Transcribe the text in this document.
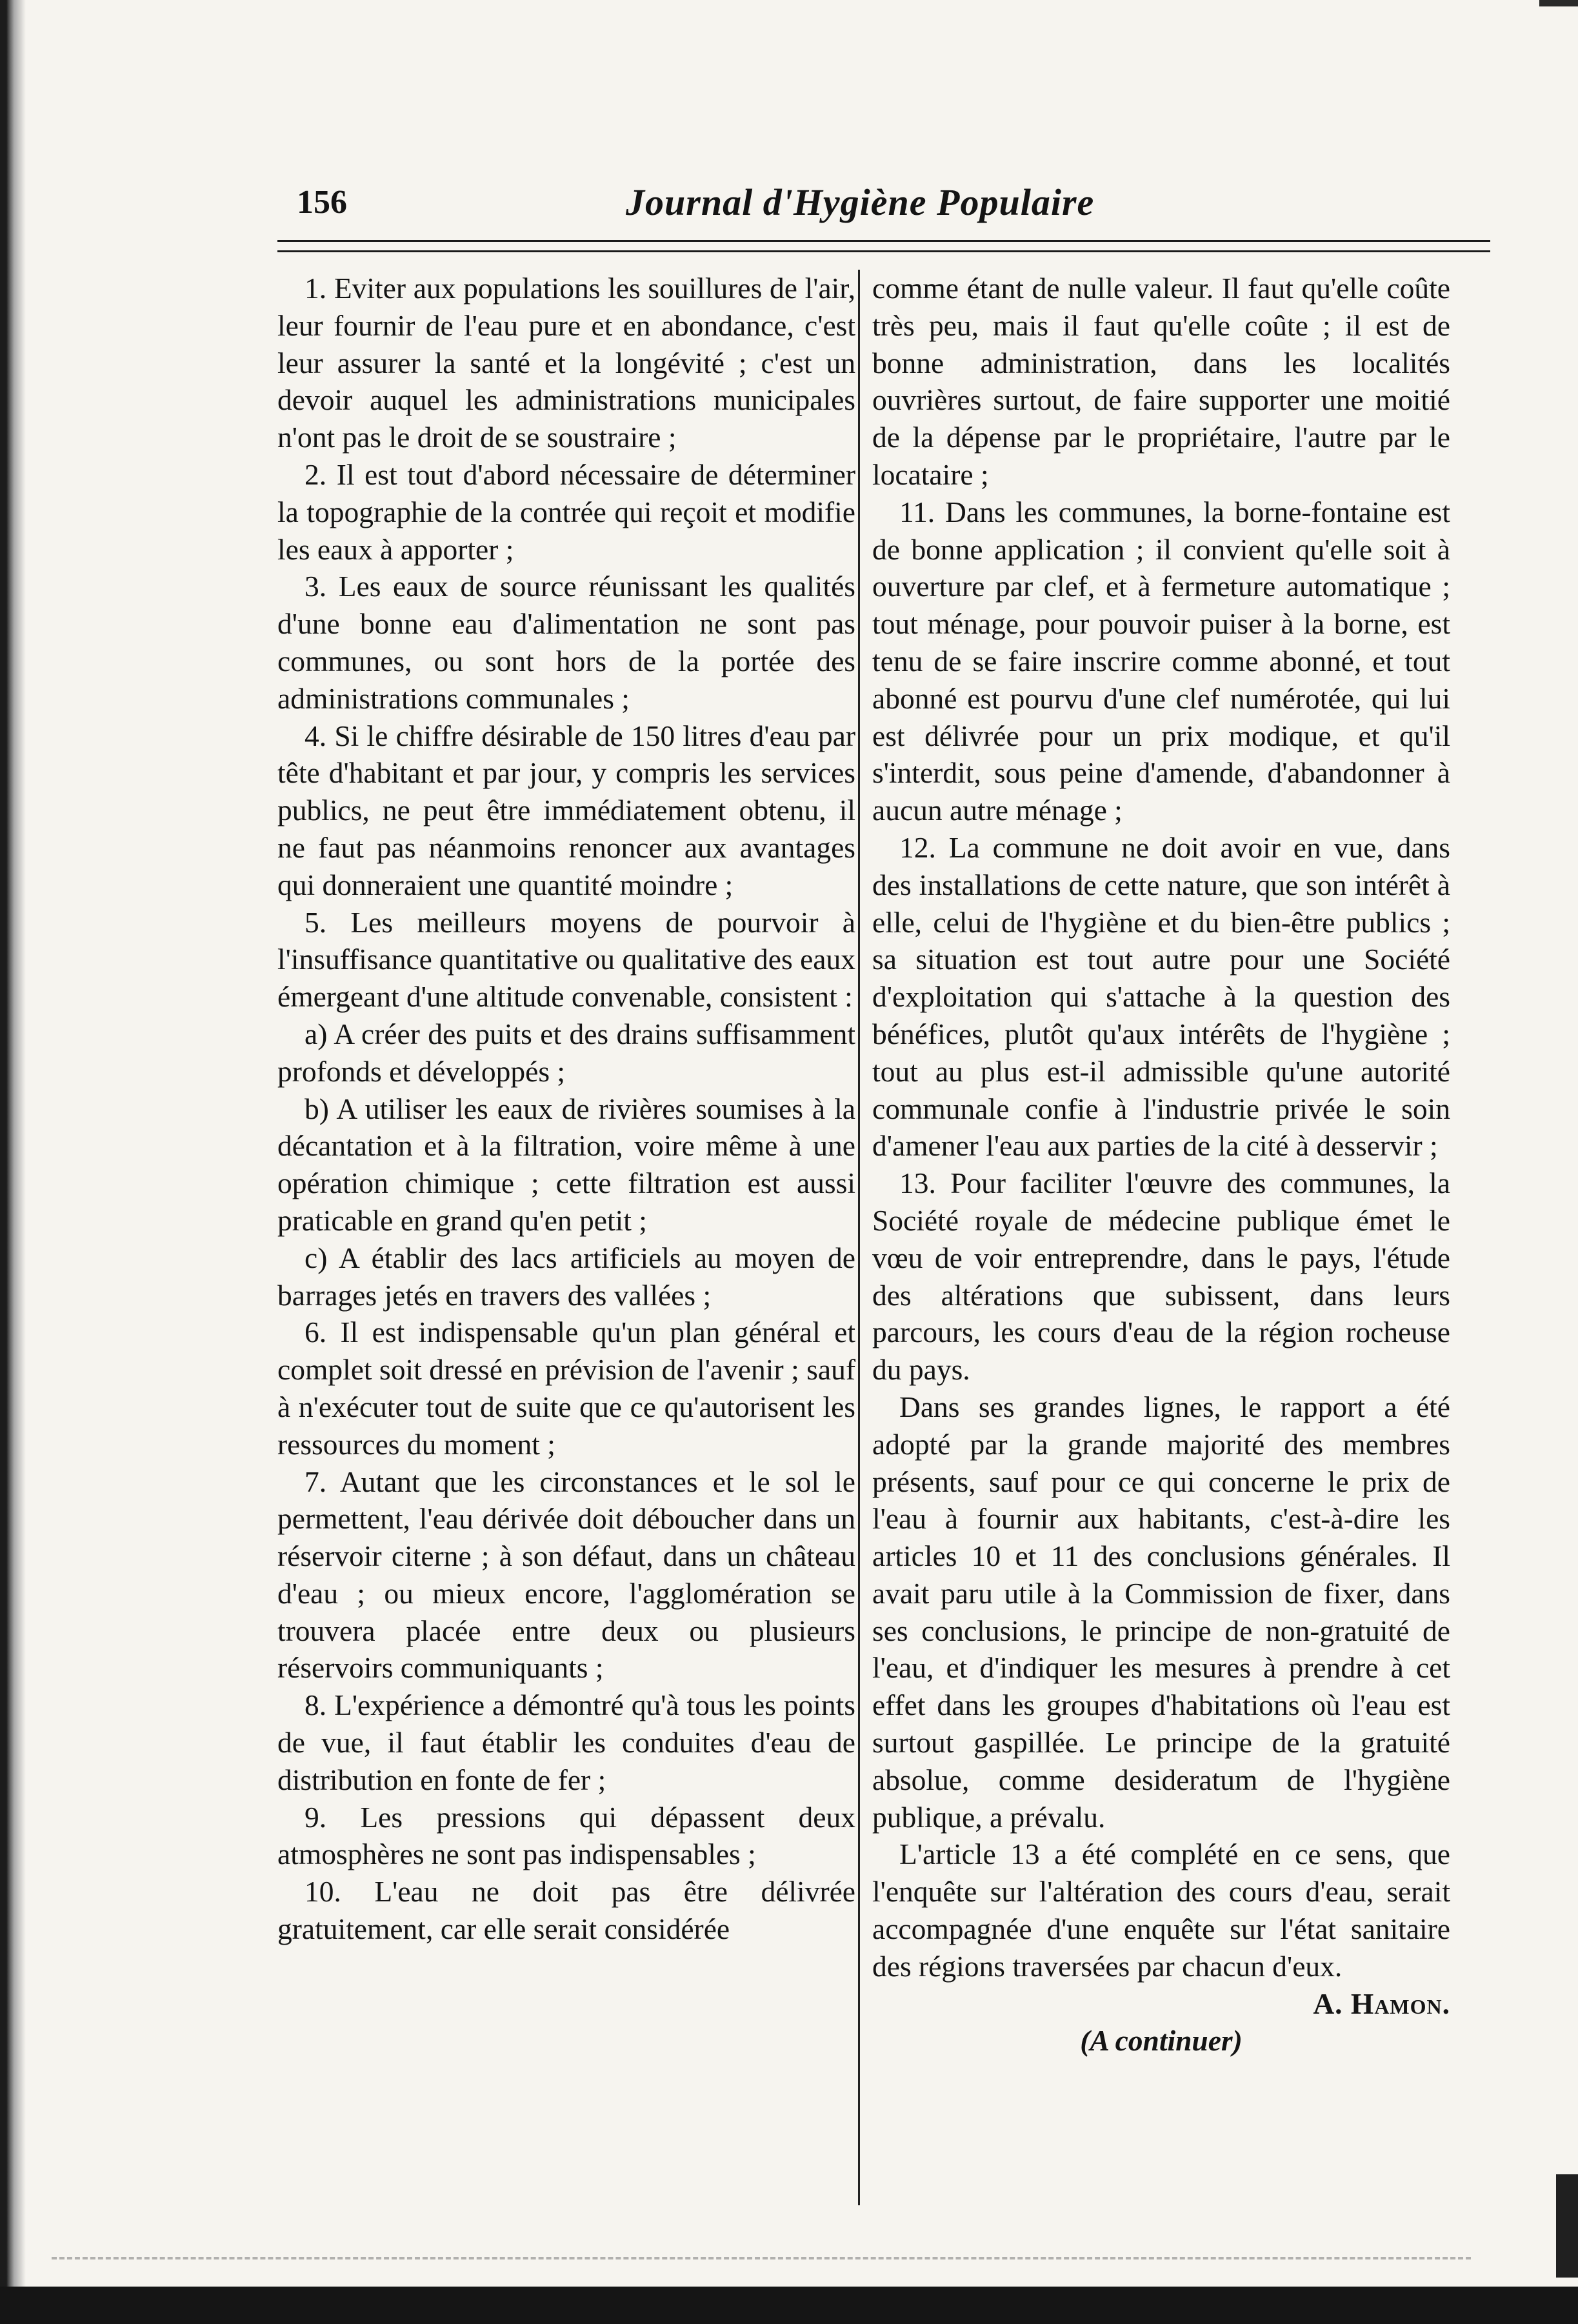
156	Journal d'Hygiène Populaire

1. Eviter aux populations les souillures de l'air, leur fournir de l'eau pure et en abondance, c'est leur assurer la santé et la longévité ; c'est un devoir auquel les administrations municipales n'ont pas le droit de se soustraire ;

2. Il est tout d'abord nécessaire de déterminer la topographie de la contrée qui reçoit et modifie les eaux à apporter ;

3. Les eaux de source réunissant les qualités d'une bonne eau d'alimentation ne sont pas communes, ou sont hors de la portée des administrations communales ;

4. Si le chiffre désirable de 150 litres d'eau par tête d'habitant et par jour, y compris les services publics, ne peut être immédiatement obtenu, il ne faut pas néanmoins renoncer aux avantages qui donneraient une quantité moindre ;

5. Les meilleurs moyens de pourvoir à l'insuffisance quantitative ou qualitative des eaux émergeant d'une altitude convenable, consistent :

a) A créer des puits et des drains suffisamment profonds et développés ;

b) A utiliser les eaux de rivières soumises à la décantation et à la filtration, voire même à une opération chimique ; cette filtration est aussi praticable en grand qu'en petit ;

c) A établir des lacs artificiels au moyen de barrages jetés en travers des vallées ;

6. Il est indispensable qu'un plan général et complet soit dressé en prévision de l'avenir ; sauf à n'exécuter tout de suite que ce qu'autorisent les ressources du moment ;

7. Autant que les circonstances et le sol le permettent, l'eau dérivée doit déboucher dans un réservoir citerne ; à son défaut, dans un château d'eau ; ou mieux encore, l'agglomération se trouvera placée entre deux ou plusieurs réservoirs communiquants ;

8. L'expérience a démontré qu'à tous les points de vue, il faut établir les conduites d'eau de distribution en fonte de fer ;

9. Les pressions qui dépassent deux atmosphères ne sont pas indispensables ;

10. L'eau ne doit pas être délivrée gratuitement, car elle serait considérée

comme étant de nulle valeur. Il faut qu'elle coûte très peu, mais il faut qu'elle coûte ; il est de bonne administration, dans les localités ouvrières surtout, de faire supporter une moitié de la dépense par le propriétaire, l'autre par le locataire ;

11. Dans les communes, la borne-fontaine est de bonne application ; il convient qu'elle soit à ouverture par clef, et à fermeture automatique ; tout ménage, pour pouvoir puiser à la borne, est tenu de se faire inscrire comme abonné, et tout abonné est pourvu d'une clef numérotée, qui lui est délivrée pour un prix modique, et qu'il s'interdit, sous peine d'amende, d'abandonner à aucun autre ménage ;

12. La commune ne doit avoir en vue, dans des installations de cette nature, que son intérêt à elle, celui de l'hygiène et du bien-être publics ; sa situation est tout autre pour une Société d'exploitation qui s'attache à la question des bénéfices, plutôt qu'aux intérêts de l'hygiène ; tout au plus est-il admissible qu'une autorité communale confie à l'industrie privée le soin d'amener l'eau aux parties de la cité à desservir ;

13. Pour faciliter l'œuvre des communes, la Société royale de médecine publique émet le vœu de voir entreprendre, dans le pays, l'étude des altérations que subissent, dans leurs parcours, les cours d'eau de la région rocheuse du pays.

Dans ses grandes lignes, le rapport a été adopté par la grande majorité des membres présents, sauf pour ce qui concerne le prix de l'eau à fournir aux habitants, c'est-à-dire les articles 10 et 11 des conclusions générales. Il avait paru utile à la Commission de fixer, dans ses conclusions, le principe de non-gratuité de l'eau, et d'indiquer les mesures à prendre à cet effet dans les groupes d'habitations où l'eau est surtout gaspillée. Le principe de la gratuité absolue, comme desideratum de l'hygiène publique, a prévalu.

L'article 13 a été complété en ce sens, que l'enquête sur l'altération des cours d'eau, serait accompagnée d'une enquête sur l'état sanitaire des régions traversées par chacun d'eux.

A. Hamon.

(A continuer)
